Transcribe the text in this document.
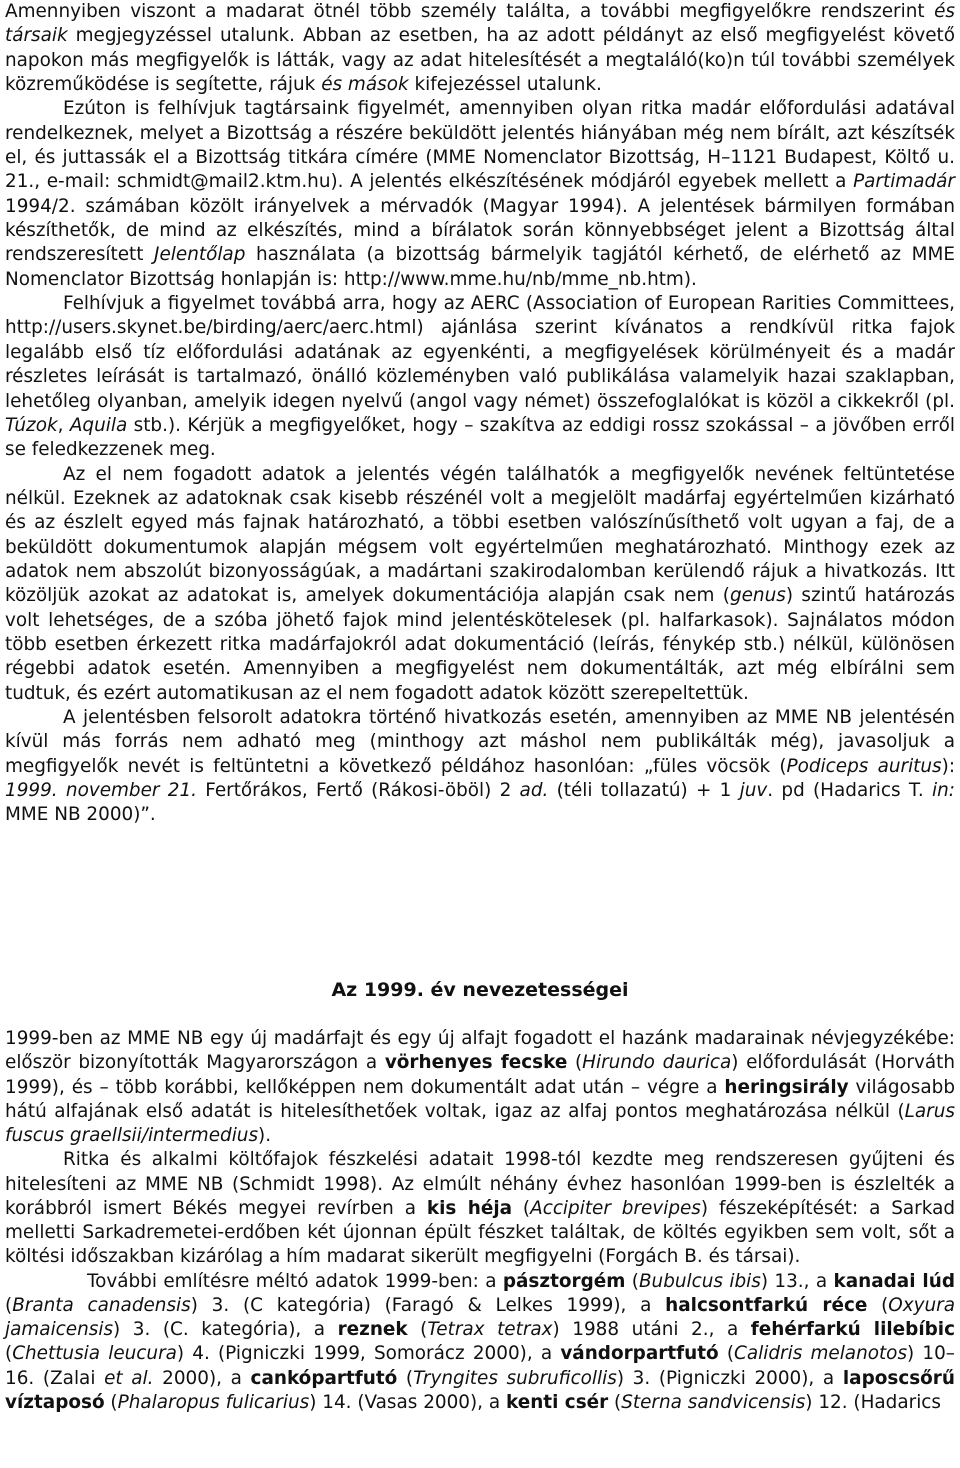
Amennyiben viszont a madarat ötnél több személy találta, a további megfigyelőkre rendszerint és társaik megjegyzéssel utalunk. Abban az esetben, ha az adott példányt az első megfigyelést követő napokon más megfigyelők is látták, vagy az adat hitelesítését a megtaláló(ko)n túl további személyek közreműködése is segítette, rájuk és mások kifejezéssel utalunk.

Ezúton is felhívjuk tagtársaink figyelmét, amennyiben olyan ritka madár előfordulási adatával rendelkeznek, melyet a Bizottság a részére beküldött jelentés hiányában még nem bírált, azt készítsék el, és juttassák el a Bizottság titkára címére (MME Nomenclator Bizottság, H–1121 Budapest, Költő u. 21., e-mail: schmidt@mail2.ktm.hu). A jelentés elkészítésének módjáról egyebek mellett a Partimadár 1994/2. számában közölt irányelvek a mérvadók (Magyar 1994). A jelentések bármilyen formában készíthetők, de mind az elkészítés, mind a bírálatok során könnyebbséget jelent a Bizottság által rendszeresített Jelentőlap használata (a bizottság bármelyik tagjától kérhető, de elérhető az MME Nomenclator Bizottság honlapján is: http://www.mme.hu/nb/mme_nb.htm).

Felhívjuk a figyelmet továbbá arra, hogy az AERC (Association of European Rarities Committees, http://users.skynet.be/birding/aerc/aerc.html) ajánlása szerint kívánatos a rendkívül ritka fajok legalább első tíz előfordulási adatának az egyenkénti, a megfigyelések körülményeit és a madár részletes leírását is tartalmazó, önálló közleményben való publikálása valamelyik hazai szaklapban, lehetőleg olyanban, amelyik idegen nyelvű (angol vagy német) összefoglalókat is közöl a cikkekről (pl. Túzok, Aquila stb.). Kérjük a megfigyelőket, hogy – szakítva az eddigi rossz szokással – a jövőben erről se feledkezzenek meg.

Az el nem fogadott adatok a jelentés végén találhatók a megfigyelők nevének feltüntetése nélkül. Ezeknek az adatoknak csak kisebb részénél volt a megjelölt madárfaj egyértelműen kizárható és az észlelt egyed más fajnak határozható, a többi esetben valószínűsíthető volt ugyan a faj, de a beküldött dokumentumok alapján mégsem volt egyértelműen meghatározható. Minthogy ezek az adatok nem abszolút bizonyosságúak, a madártani szakirodalomban kerülendő rájuk a hivatkozás. Itt közöljük azokat az adatokat is, amelyek dokumentációja alapján csak nem (genus) szintű határozás volt lehetséges, de a szóba jöhető fajok mind jelentéskötelesek (pl. halfarkasok). Sajnálatos módon több esetben érkezett ritka madárfajokról adat dokumentáció (leírás, fénykép stb.) nélkül, különösen régebbi adatok esetén. Amennyiben a megfigyelést nem dokumentálták, azt még elbírálni sem tudtuk, és ezért automatikusan az el nem fogadott adatok között szerepeltettük.

A jelentésben felsorolt adatokra történő hivatkozás esetén, amennyiben az MME NB jelentésén kívül más forrás nem adható meg (minthogy azt máshol nem publikálták még), javasoljuk a megfigyelők nevét is feltüntetni a következő példához hasonlóan: „füles vöcsök (Podiceps auritus): 1999. november 21. Fertőrákos, Fertő (Rákosi-öböl) 2 ad. (téli tollazatú) + 1 juv. pd (Hadarics T. in: MME NB 2000)”.

Az 1999. év nevezetességei

1999-ben az MME NB egy új madárfajt és egy új alfajt fogadott el hazánk madarainak névjegyzékébe: először bizonyították Magyarországon a vörhenyes fecske (Hirundo daurica) előfordulását (Horváth 1999), és – több korábbi, kellőképpen nem dokumentált adat után – végre a heringsirály világosabb hátú alfajának első adatát is hitelesíthetőek voltak, igaz az alfaj pontos meghatározása nélkül (Larus fuscus graellsii/intermedius).

Ritka és alkalmi költőfajok fészkelési adatait 1998-tól kezdte meg rendszeresen gyűjteni és hitelesíteni az MME NB (Schmidt 1998). Az elmúlt néhány évhez hasonlóan 1999-ben is észlelték a korábbról ismert Békés megyei revírben a kis héja (Accipiter brevipes) fészeképítését: a Sarkad melletti Sarkadremetei-erdőben két újonnan épült fészket találtak, de költés egyikben sem volt, sőt a költési időszakban kizárólag a hím madarat sikerült megfigyelni (Forgách B. és társai).

További említésre méltó adatok 1999-ben: a pásztorgém (Bubulcus ibis) 13., a kanadai lúd (Branta canadensis) 3. (C kategória) (Faragó & Lelkes 1999), a halcsontfarkú réce (Oxyura jamaicensis) 3. (C. kategória), a reznek (Tetrax tetrax) 1988 utáni 2., a fehérfarkú lilebíbic (Chettusia leucura) 4. (Pigniczki 1999, Somorácz 2000), a vándorpartfutó (Calidris melanotos) 10–16. (Zalai et al. 2000), a cankópartfutó (Tryngites subruficollis) 3. (Pigniczki 2000), a laposcsőrű víztaposó (Phalaropus fulicarius) 14. (Vasas 2000), a kenti csér (Sterna sandvicensis) 12. (Hadarics
